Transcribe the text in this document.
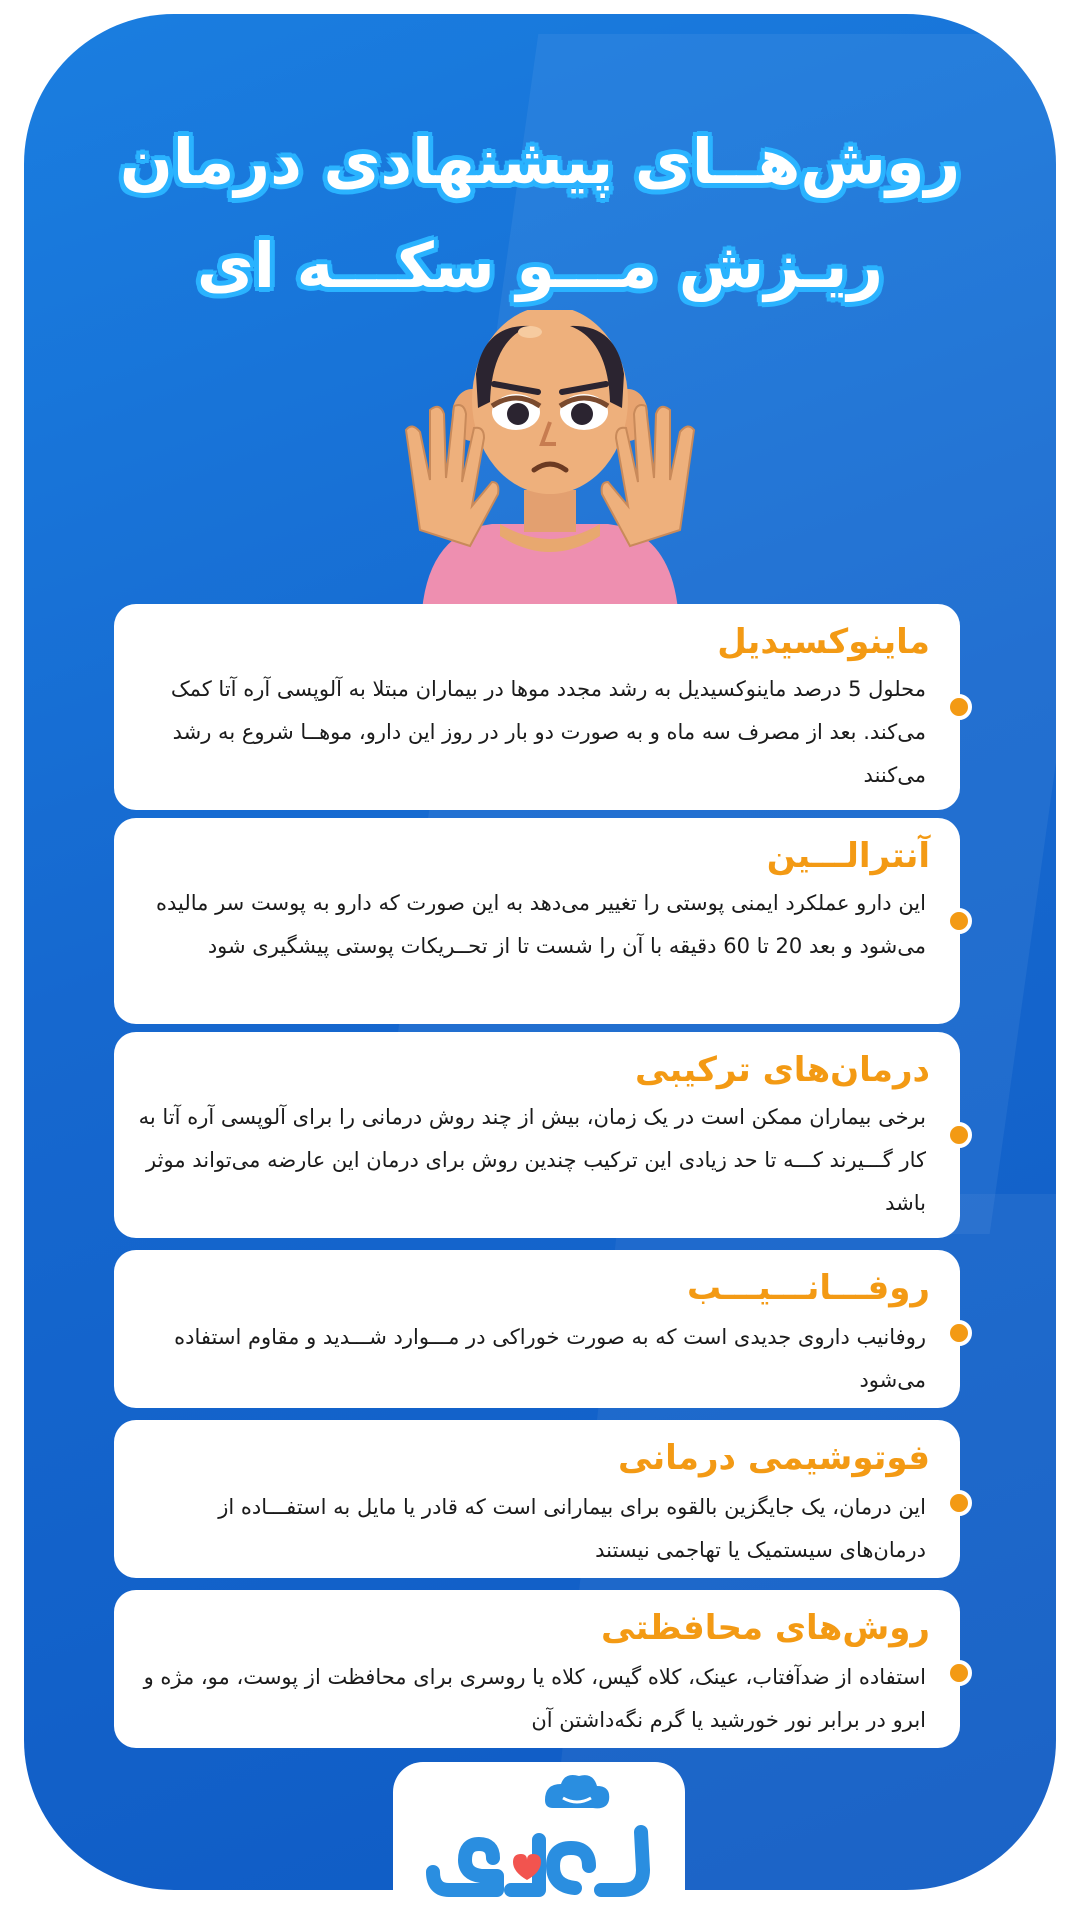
روش‌هــای پیشنهادی درمان
ریـزش مـــو سکـــه ای
ماینوکسیدیل
محلول 5 درصد ماینوکسیدیل به رشد مجدد موها در بیماران مبتلا به آلوپسی آره آتا کمک می‌کند. بعد از مصرف سه ماه و به صورت دو بار در روز این دارو، موهــا شروع به رشد می‌کنند
آنترالـــین
این دارو عملکرد ایمنی پوستی را تغییر می‌دهد به این صورت که دارو به پوست سر مالیده می‌شود و بعد 20 تا 60 دقیقه با آن را شست تا از تحــریکات پوستی پیشگیری شود
درمان‌های ترکیبی
برخی بیماران ممکن است در یک زمان، بیش از چند روش درمانی را برای آلوپسی آره آتا به کار گـــیرند کـــه تا حد زیادی این ترکیب چندین روش برای درمان این عارضه می‌تواند موثر باشد
روفـــانـــیـــب
روفانیب داروی جدیدی است که به صورت خوراکی در مـــوارد شـــدید و مقاوم استفاده می‌شود
فوتوشیمی درمانی
این درمان، یک جایگزین بالقوه برای بیمارانی است که قادر یا مایل به استفـــاده از درمان‌های سیستمیک یا تهاجمی نیستند
روش‌های محافظتی
استفاده از ضدآفتاب، عینک، کلاه گیس، کلاه یا روسری برای محافظت از پوست، مو، مژه و ابرو در برابر نور خورشید یا گرم نگه‌داشتن آن
